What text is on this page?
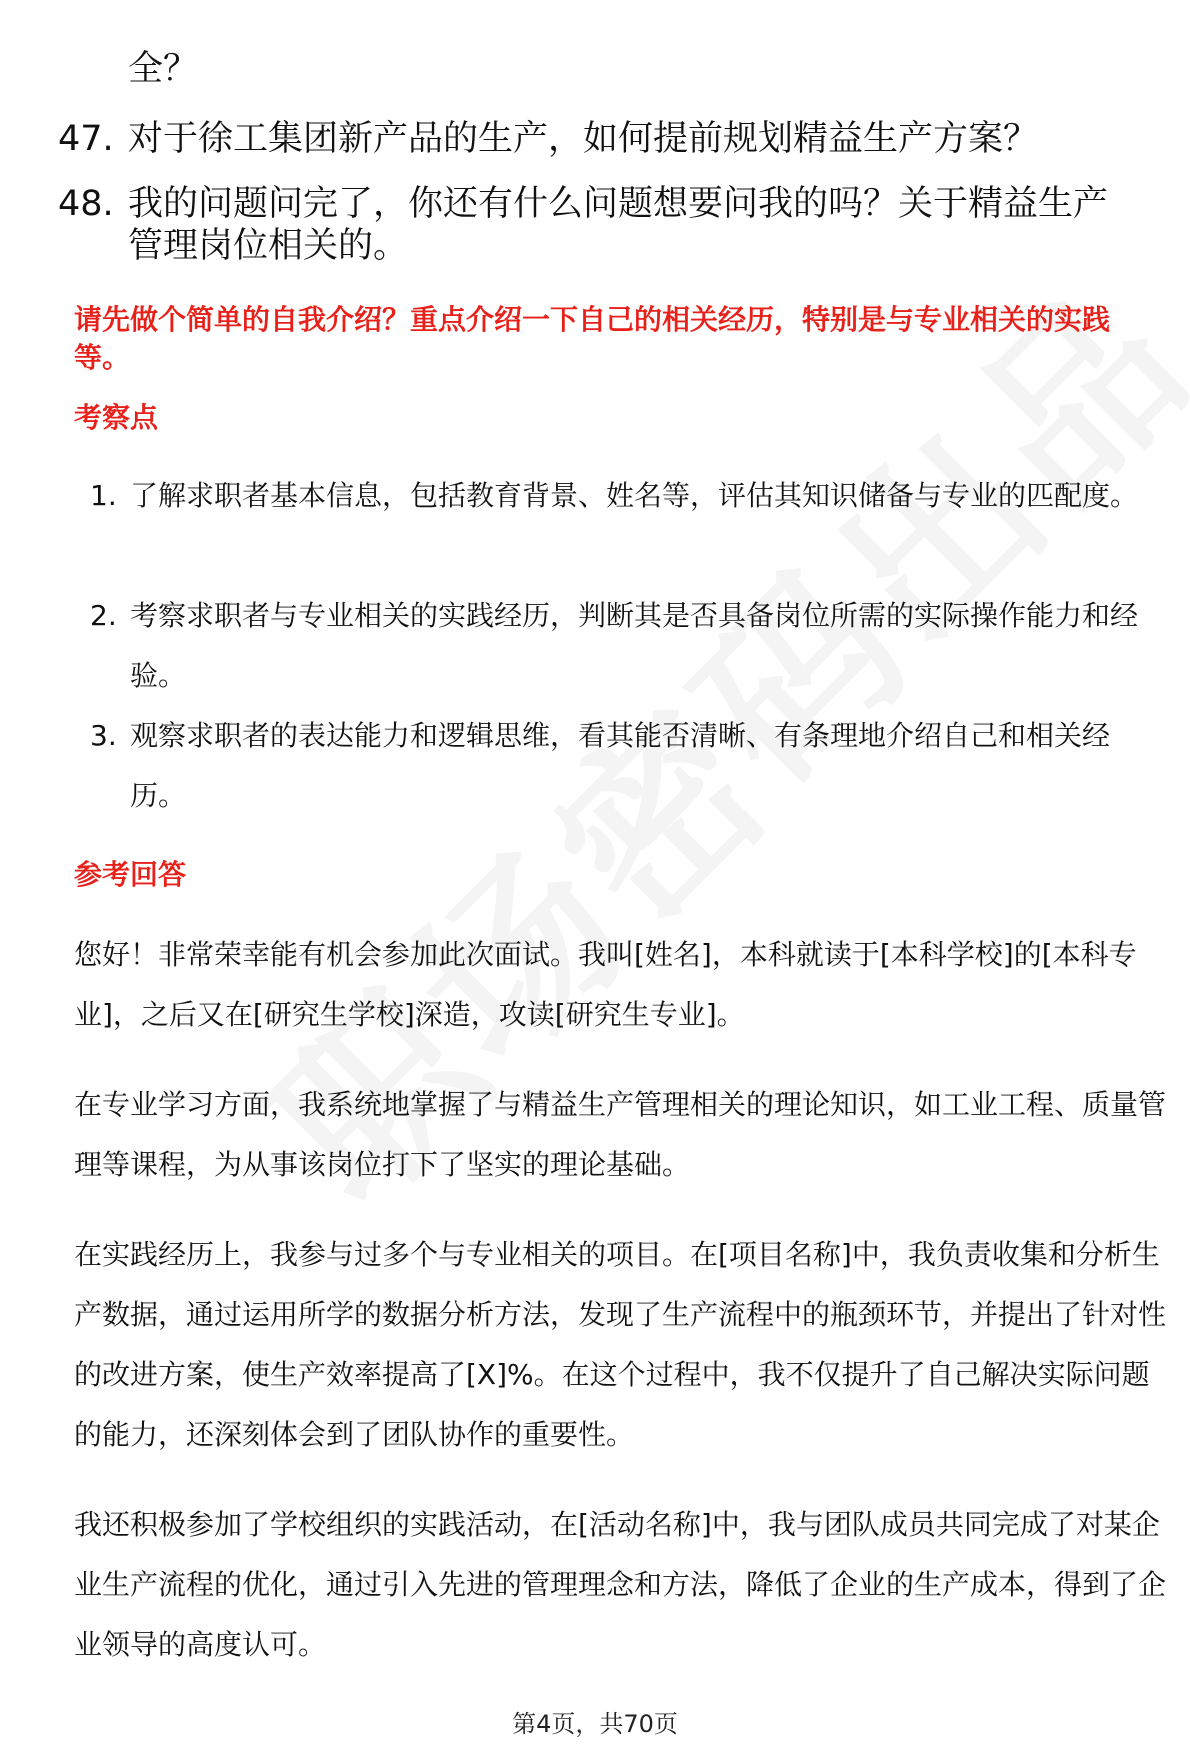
全？
47. 对于徐工集团新产品的生产，如何提前规划精益生产方案？
48. 我的问题问完了，你还有什么问题想要问我的吗？关于精益生产
管理岗位相关的。
请先做个简单的自我介绍？重点介绍一下自己的相关经历，特别是与专业相关的实践等。
考察点
1. 了解求职者基本信息，包括教育背景、姓名等，评估其知识储备与专业的匹配度。
2. 考察求职者与专业相关的实践经历，判断其是否具备岗位所需的实际操作能力和经验。
3. 观察求职者的表达能力和逻辑思维，看其能否清晰、有条理地介绍自己和相关经历。
参考回答
您好！非常荣幸能有机会参加此次面试。我叫[姓名]，本科就读于[本科学校]的[本科专业]，之后又在[研究生学校]深造，攻读[研究生专业]。
在专业学习方面，我系统地掌握了与精益生产管理相关的理论知识，如工业工程、质量管理等课程，为从事该岗位打下了坚实的理论基础。
在实践经历上，我参与过多个与专业相关的项目。在[项目名称]中，我负责收集和分析生产数据，通过运用所学的数据分析方法，发现了生产流程中的瓶颈环节，并提出了针对性的改进方案，使生产效率提高了[X]%。在这个过程中，我不仅提升了自己解决实际问题的能力，还深刻体会到了团队协作的重要性。
我还积极参加了学校组织的实践活动，在[活动名称]中，我与团队成员共同完成了对某企业生产流程的优化，通过引入先进的管理理念和方法，降低了企业的生产成本，得到了企业领导的高度认可。
第4页，共70页
